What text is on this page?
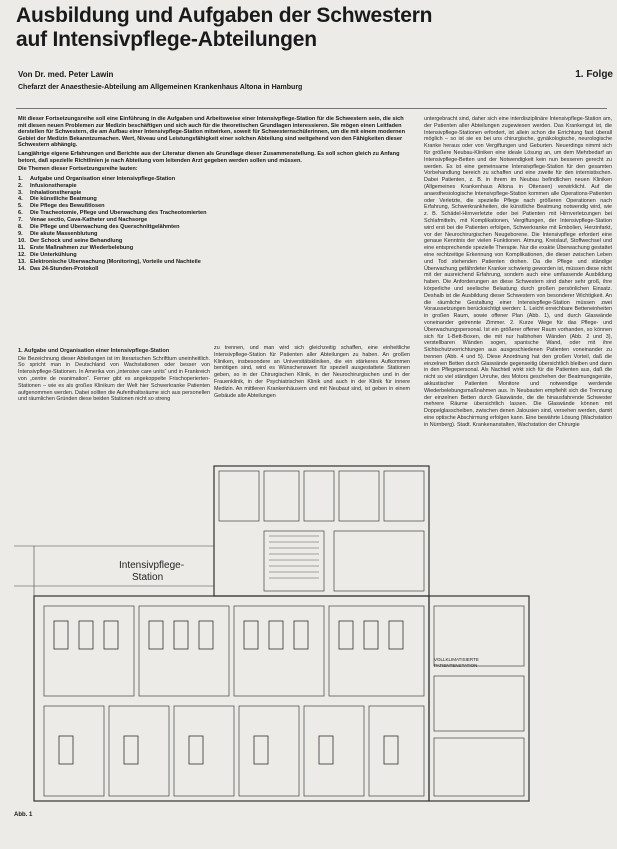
Ausbildung und Aufgaben der Schwestern
auf Intensivpflege-Abteilungen
Von Dr. med. Peter Lawin
Chefarzt der Anaesthesie-Abteilung am Allgemeinen Krankenhaus Altona in Hamburg
1. Folge

Mit dieser Fortsetzungsreihe soll eine Einführung in die Aufgaben und Arbeitsweise einer Intensivpflege-Station für die Schwestern sein, die sich mit diesen neuen Problemen zur Medizin beschäftigen und sich auch für die theoretischen Grundlagen interessieren. Sie mögen einen Leitfaden derstellen für Schwestern, die am Aufbau einer Intensivpflege-Station mitwirken, soweit für Schwesternschülerinnen, um die mit einem modernen Gebiet der Medizin Bekanntzumachen. Wert, Niveau und Leistungsfähigkeit einer solchen Abteilung sind weitgehend von den Fähigkeiten dieser Schwestern abhängig.

Langjährige eigene Erfahrungen und Berichte aus der Literatur dienen als Grundlage dieser Zusammenstellung. Es soll schon gleich zu Anfang betont, daß spezielle Richtlinien je nach Abteilung vom leitenden Arzt gegeben werden sollen und müssen.

Die Themen dieser Fortsetzungsreihe lauten:
1. Aufgabe und Organisation einer Intensivpflege-Station
2. Infusionstherapie
3. Inhalationstherapie
4. Die künstliche Beatmung
5. Die Pflege des Bewußtlosen
6. Die Tracheotomie, Pflege und Überwachung des Tracheotomierten
7. Venae sectio, Cava-Katheter und Nachsorge
8. Die Pflege und Überwachung des Querschnittgelähmten
9. Die akute Massenblutung
10. Der Schock und seine Behandlung
11. Erste Maßnahmen zur Wiederbelebung
12. Die Unterkühlung
13. Elektronische Überwachung (Monitoring), Vorteile und Nachteile
14. Das 24-Stunden-Protokoll
1. Aufgabe und Organisation einer Intensivpflege-Station

Die Bezeichnung dieser Abteilungen ist im literarischen Schrifttum uneinheitlich. So spricht man in Deutschland von Wachstationen oder besser von Intensivpflege-Stationen. In Amerika von „intensive care units“ und in Frankreich von „centre de reanimation“. Ferner gibt es angekoppelte Frischoperierten-Stationen – wie es als großes Klinikum der Welt hier Schwerkranke Patienten aufgenommen werden. Dabei sollten die Aufenthaltsräume sich aus personellen und räumlichen Gründen diese beiden Stationen nicht so streng

zu trennen, und man wird sich gleichzeitig schaffen, eine einheitliche Intensivpflege-Station für Patienten aller Abteilungen zu haben. An großen Kliniken, insbesondere an Universitätskliniken, die ein stärkeres Aufkommen benötigen sind, wird es Wünschenswert für speziell ausgestattete Stationen geben, so in der Chirurgischen Klinik, in der Neurochirurgischen und in der Frauenklinik, in der Psychiatrischen Klinik und auch in der Klinik für innere Medizin. An mittleren Krankenhäusern und mit Neubaut sind, ist geben in einem Gebäude alle Abteilungen

untergebracht sind, daher sich eine interdisziplinäre Intensivpflege-Station am, der Patienten aller Abteilungen zugewiesen werden. Das Krankengut ist, die Intensivpflege-Stationen erfordert, ist allein schon die Errichtung fast überall möglich – so ist sie es bei uns chirurgische, gynäkologische, neurologische Kranke heraus oder von Vergiftungen und Geburten. Neuerdings nimmt sich für größere Neubau-Kliniken eine ideale Lösung an, um dem Mehrbedarf an Intensivpflege-Betten und der Notwendigkeit kein nun besseren gerecht zu werden. Es ist eine gemeinsame Intensivpflege-Station für den gesamten Vorbehandlung bereich zu schaffen und eine zweite für den internistischen. Dabei Patienten, z. B. in ihrem im Neubau befindlichen neuen Kliniken (Allgemeines Krankenhaus Altona in Ottensen) verwirklicht. Auf die anaesthesiologische Intensivpflege-Station kommen alle Operations-Patienten oder Verletzte, die spezielle Pflege nach größeren Operationen nach Erfahrung, Schwerkrankheiten, die künstliche Beatmung notwendig wird, wie z. B. Schädel-Hirnverletzte oder bei Patienten mit Hirnverletzungen bei Schlafmitteln, mit Komplikationen, Vergiftungen, der Intensivpflege-Station wird erst bei die Patienten erfolgen, Schwerkranke mit Embolien, Herzinfarkt, vor der Neurochirurgischen Neugeborene. Die Intensivpflege erfordert eine genaue Kenntnis der vielen Funktionen. Atmung, Kreislauf, Stoffwechsel und eine entsprechende spezielle Therapie. Nur die exakte Überwachung gestattet eine rechtzeitige Erkennung von Komplikationen, die dieser zwischen Leben und Tod stehenden Patienten drohen. Da die Pflege und ständige Überwachung gefährdeter Kranker schwierig geworden ist, müssen diese nicht mit der ausreichend Erfahrung, sondern auch eine umfassende Ausbildung haben. Die Anforderungen an diese Schwestern sind daher sehr groß, ihre körperliche und seelische Belastung durch großen persönlichen Einsatz. Deshalb ist die Ausbildung dieser Schwestern von besonderer Wichtigkeit. An die räumliche Gestaltung einer Intensivpflege-Station müssen zwei Voraussetzungen berücksichtigt werden: 1. Leicht erreichbare Betteneinheiten in großen Raum, sowie offener Plan (Abb. 1), und durch Glaswände voneinander getrennte Zimmer. 2. Kurze Wege für das Pflege- und Überwachungspersonal. Ist ein größerer offener Raum vorhanden, so können sich für 1-Bett-Boxen, die mit nur halbhohen Wänden (Abb. 2 und 3), verstellbaren Wänden sogen, spanische Wand, oder mit ihre Sichtschutzvorrichtungen aus ausgeschiedenen Patienten voneinander zu trennen (Abb. 4 und 5). Diese Anordnung hat den großen Vorteil, daß die einzelnen Betten durch Glaswände gegenseitig übersichtlich bleiben und dann in den Pflegepersonal. Als Nachteil wirkt sich für die Patienten aus, daß die nicht so viel ständigen Unruhe, des Motors geschehen der Beatmungsgeräte, akkustischer Patienten Monitore und notwendige werdende Wiederbelebungsmaßnahmen aus. In Neubauten empfiehlt sich die Trennung der einzelnen Betten durch Glaswände, die die hinausfahrende Schwester mehrere Räume übersichtlich lassen. Die Glaswände können mit Doppelglasscheiben, zwischen denen Jalousien sind, versehen werden, damit eine optische Abschirmung erfolgen kann. Eine bewährte Lösung (Wachstation in Nürnberg). Stadt. Krankenanstalten, Wachstation der Chirurgie

Intensivpflege-
Station
VOLLKLIMATISIERTE
PATIENTENSTATION
Abb. 1
